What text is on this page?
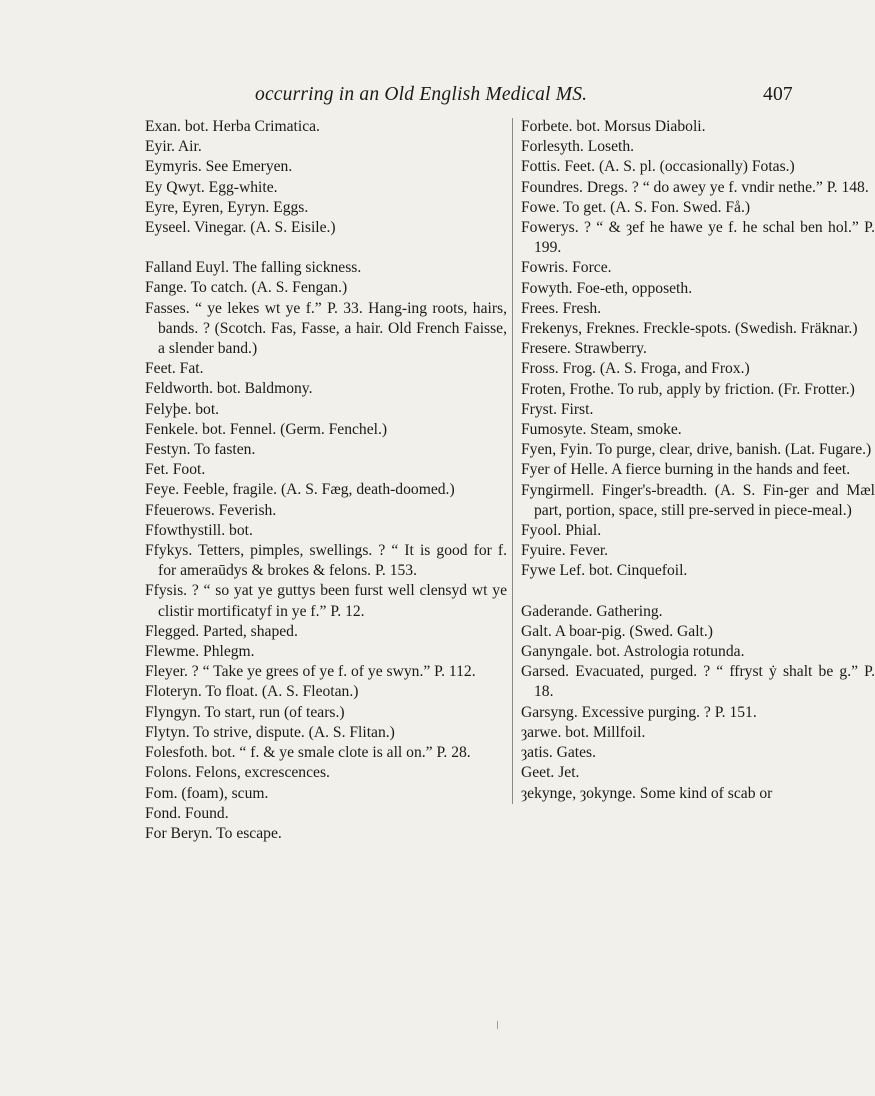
occurring in an Old English Medical MS.	407

Exan. bot. Herba Crimatica.

Eyir. Air.

Eymyris. See Emeryen.

Ey Qwyt. Egg-white.

Eyre, Eyren, Eyryn. Eggs.

Eyseel. Vinegar. (A. S. Eisile.)

Falland Euyl. The falling sickness.

Fange. To catch. (A. S. Fengan.)

Fasses. “ ye lekes wt ye f.” P. 33. Hang-ing roots, hairs, bands. ? (Scotch. Fas, Fasse, a hair. Old French Faisse, a slender band.)

Feet. Fat.

Feldworth. bot. Baldmony.

Felyþe. bot.

Fenkele. bot. Fennel. (Germ. Fenchel.)

Festyn. To fasten.

Fet. Foot.

Feye. Feeble, fragile. (A. S. Fæg, death-doomed.)

Ffeuerows. Feverish.

Ffowthystill. bot.

Ffykys. Tetters, pimples, swellings. ? “ It is good for f. for ameraūdys & brokes & felons. P. 153.

Ffysis. ? “ so yat ye guttys been furst well clensyd wt ye clistir mortificatyf in ye f.” P. 12.

Flegged. Parted, shaped.

Flewme. Phlegm.

Fleyer. ? “ Take ye grees of ye f. of ye swyn.” P. 112.

Floteryn. To float. (A. S. Fleotan.)

Flyngyn. To start, run (of tears.)

Flytyn. To strive, dispute. (A. S. Flitan.)

Folesfoth. bot. “ f. & ye smale clote is all on.” P. 28.

Folons. Felons, excrescences.

Fom. (foam), scum.

Fond. Found.

For Beryn. To escape.

Forbete. bot. Morsus Diaboli.

Forlesyth. Loseth.

Fottis. Feet. (A. S. pl. (occasionally) Fotas.)

Foundres. Dregs. ? “ do awey ye f. vndir nethe.” P. 148.

Fowe. To get. (A. S. Fon. Swed. Få.)

Fowerys. ? “ & ȝef he hawe ye f. he schal ben hol.” P. 199.

Fowris. Force.

Fowyth. Foe-eth, opposeth.

Frees. Fresh.

Frekenys, Freknes. Freckle-spots. (Swedish. Fräknar.)

Fresere. Strawberry.

Fross. Frog. (A. S. Froga, and Frox.)

Froten, Frothe. To rub, apply by friction. (Fr. Frotter.)

Fryst. First.

Fumosyte. Steam, smoke.

Fyen, Fyin. To purge, clear, drive, banish. (Lat. Fugare.)

Fyer of Helle. A fierce burning in the hands and feet.

Fyngirmell. Finger's-breadth. (A. S. Fin-ger and Mæl part, portion, space, still pre-served in piece-meal.)

Fyool. Phial.

Fyuire. Fever.

Fywe Lef. bot. Cinquefoil.

Gaderande. Gathering.

Galt. A boar-pig. (Swed. Galt.)

Ganyngale. bot. Astrologia rotunda.

Garsed. Evacuated, purged. ? “ ffryst ẏ shalt be g.” P. 18.

Garsyng. Excessive purging. ? P. 151.

ȝarwe. bot. Millfoil.

ȝatis. Gates.

Geet. Jet.

ȝekynge, ȝokynge. Some kind of scab or
